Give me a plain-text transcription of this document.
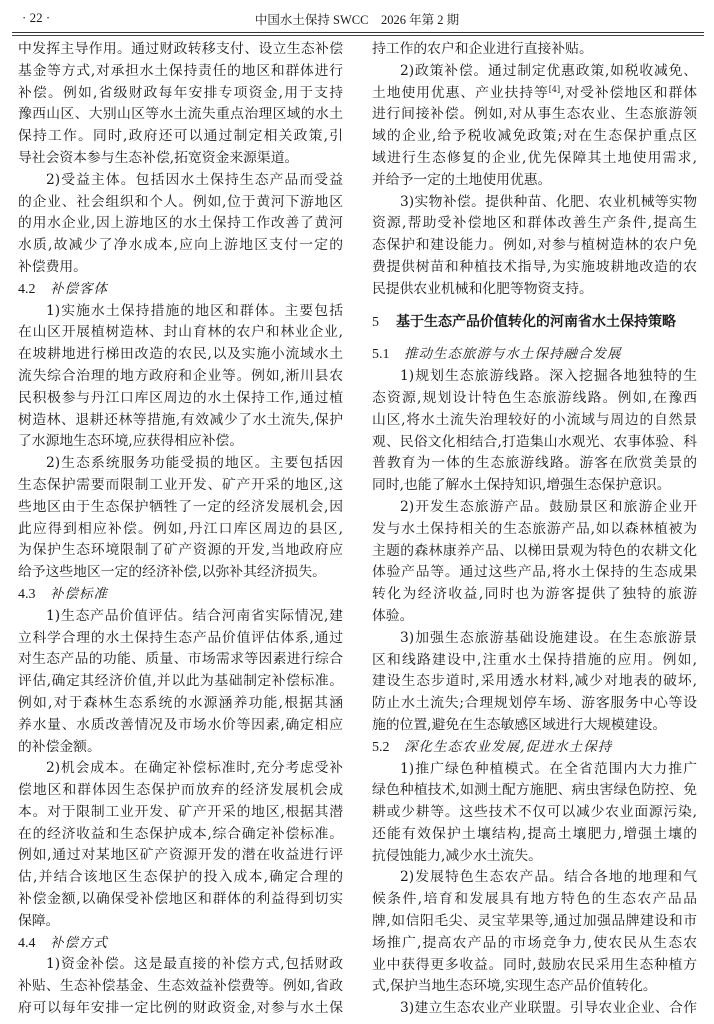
· 22 ·	中国水土保持 SWCC　2026 年第 2 期
中发挥主导作用。通过财政转移支付、设立生态补偿
基金等方式,对承担水土保持责任的地区和群体进行
补偿。例如,省级财政每年安排专项资金,用于支持
豫西山区、大别山区等水土流失重点治理区域的水土
保持工作。同时,政府还可以通过制定相关政策,引
导社会资本参与生态补偿,拓宽资金来源渠道。
2)受益主体。包括因水土保持生态产品而受益
的企业、社会组织和个人。例如,位于黄河下游地区
的用水企业,因上游地区的水土保持工作改善了黄河
水质,故减少了净水成本,应向上游地区支付一定的
补偿费用。
4.2 补偿客体
1)实施水土保持措施的地区和群体。主要包括
在山区开展植树造林、封山育林的农户和林业企业,
在坡耕地进行梯田改造的农民,以及实施小流域水土
流失综合治理的地方政府和企业等。例如,淅川县农
民积极参与丹江口库区周边的水土保持工作,通过植
树造林、退耕还林等措施,有效减少了水土流失,保护
了水源地生态环境,应获得相应补偿。
2)生态系统服务功能受损的地区。主要包括因
生态保护需要而限制工业开发、矿产开采的地区,这
些地区由于生态保护牺牲了一定的经济发展机会,因
此应得到相应补偿。例如,丹江口库区周边的县区,
为保护生态环境限制了矿产资源的开发,当地政府应
给予这些地区一定的经济补偿,以弥补其经济损失。
4.3 补偿标准
1)生态产品价值评估。结合河南省实际情况,建
立科学合理的水土保持生态产品价值评估体系,通过
对生态产品的功能、质量、市场需求等因素进行综合
评估,确定其经济价值,并以此为基础制定补偿标准。
例如,对于森林生态系统的水源涵养功能,根据其涵
养水量、水质改善情况及市场水价等因素,确定相应
的补偿金额。
2)机会成本。在确定补偿标准时,充分考虑受补
偿地区和群体因生态保护而放弃的经济发展机会成
本。对于限制工业开发、矿产开采的地区,根据其潜
在的经济收益和生态保护成本,综合确定补偿标准。
例如,通过对某地区矿产资源开发的潜在收益进行评
估,并结合该地区生态保护的投入成本,确定合理的
补偿金额,以确保受补偿地区和群体的利益得到切实
保障。
4.4 补偿方式
1)资金补偿。这是最直接的补偿方式,包括财政
补贴、生态补偿基金、生态效益补偿费等。例如,省政
府可以每年安排一定比例的财政资金,对参与水土保
持工作的农户和企业进行直接补贴。
2)政策补偿。通过制定优惠政策,如税收减免、
土地使用优惠、产业扶持等[4],对受补偿地区和群体
进行间接补偿。例如,对从事生态农业、生态旅游领
域的企业,给予税收减免政策;对在生态保护重点区
域进行生态修复的企业,优先保障其土地使用需求,
并给予一定的土地使用优惠。
3)实物补偿。提供种苗、化肥、农业机械等实物
资源,帮助受补偿地区和群体改善生产条件,提高生
态保护和建设能力。例如,对参与植树造林的农户免
费提供树苗和种植技术指导,为实施坡耕地改造的农
民提供农业机械和化肥等物资支持。
5 基于生态产品价值转化的河南省水土保持策略
5.1 推动生态旅游与水土保持融合发展
1)规划生态旅游线路。深入挖掘各地独特的生
态资源,规划设计特色生态旅游线路。例如,在豫西
山区,将水土流失治理较好的小流域与周边的自然景
观、民俗文化相结合,打造集山水观光、农事体验、科
普教育为一体的生态旅游线路。游客在欣赏美景的
同时,也能了解水土保持知识,增强生态保护意识。
2)开发生态旅游产品。鼓励景区和旅游企业开
发与水土保持相关的生态旅游产品,如以森林植被为
主题的森林康养产品、以梯田景观为特色的农耕文化
体验产品等。通过这些产品,将水土保持的生态成果
转化为经济收益,同时也为游客提供了独特的旅游
体验。
3)加强生态旅游基础设施建设。在生态旅游景
区和线路建设中,注重水土保持措施的应用。例如,
建设生态步道时,采用透水材料,减少对地表的破坏,
防止水土流失;合理规划停车场、游客服务中心等设
施的位置,避免在生态敏感区域进行大规模建设。
5.2 深化生态农业发展,促进水土保持
1)推广绿色种植模式。在全省范围内大力推广
绿色种植技术,如测土配方施肥、病虫害绿色防控、免
耕或少耕等。这些技术不仅可以减少农业面源污染,
还能有效保护土壤结构,提高土壤肥力,增强土壤的
抗侵蚀能力,减少水土流失。
2)发展特色生态农产品。结合各地的地理和气
候条件,培育和发展具有地方特色的生态农产品品
牌,如信阳毛尖、灵宝苹果等,通过加强品牌建设和市
场推广,提高农产品的市场竞争力,使农民从生态农
业中获得更多收益。同时,鼓励农民采用生态种植方
式,保护当地生态环境,实现生态产品价值转化。
3)建立生态农业产业联盟。引导农业企业、合作
